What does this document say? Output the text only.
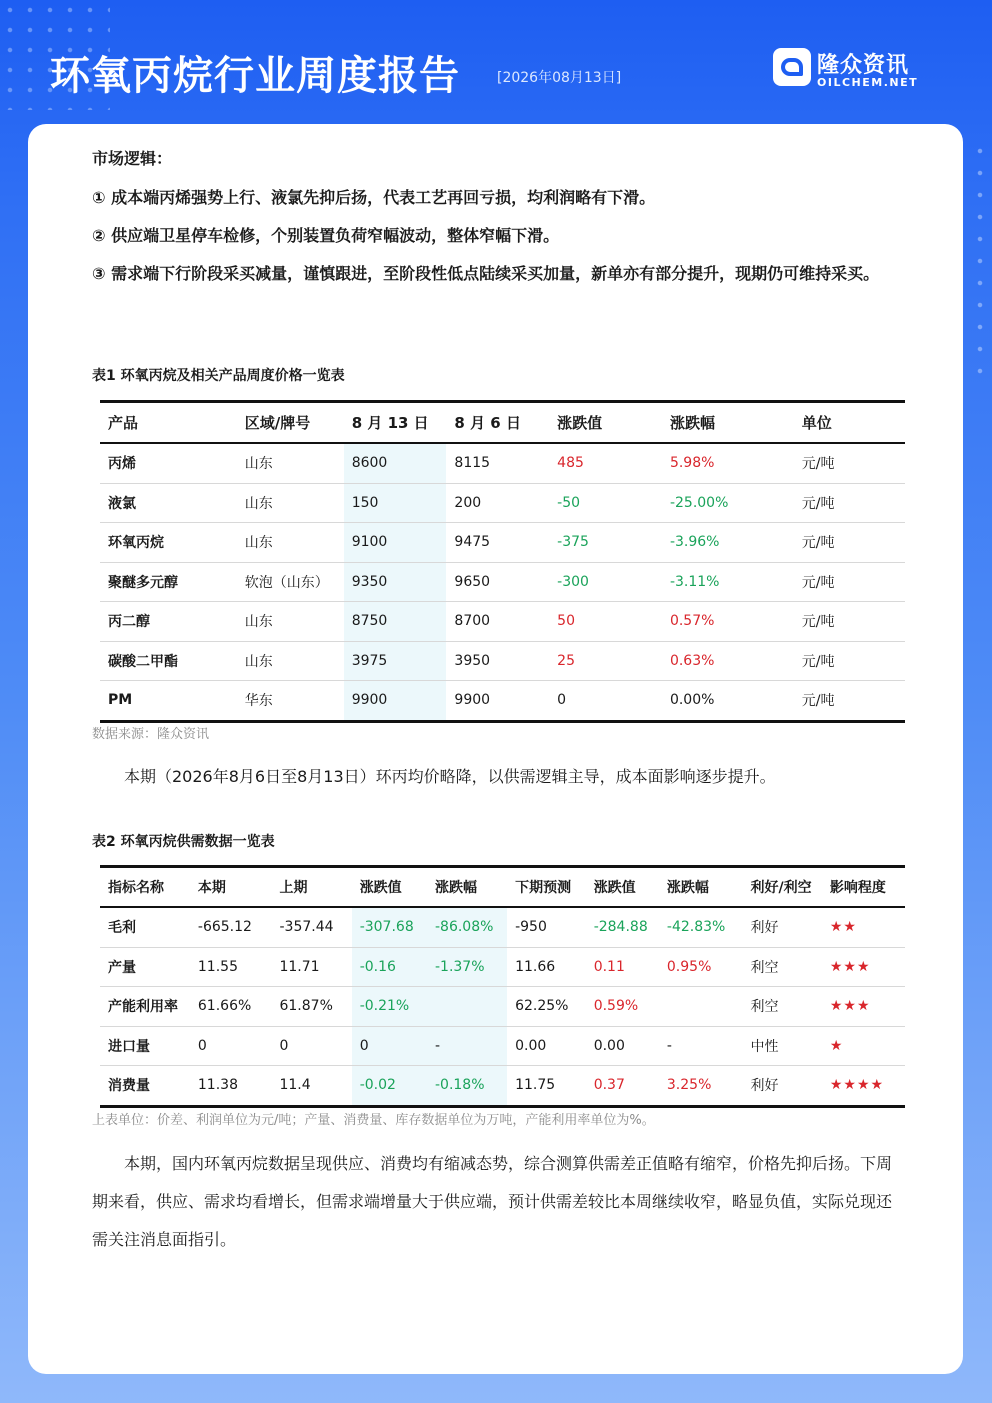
环氧丙烷行业周度报告	[2026年08月13日]	隆众资讯
OILCHEM.NET
市场逻辑：
① 成本端丙烯强势上行、液氯先抑后扬，代表工艺再回亏损，均利润略有下滑。
② 供应端卫星停车检修，个别装置负荷窄幅波动，整体窄幅下滑。
③ 需求端下行阶段采买减量，谨慎跟进，至阶段性低点陆续采买加量，新单亦有部分提升，现期仍可维持采买。
表1 环氧丙烷及相关产品周度价格一览表
产品	区域/牌号	8 月 13 日	8 月 6 日	涨跌值	涨跌幅	单位
丙烯	山东	8600	8115	485	5.98%	元/吨
液氯	山东	150	200	-50	-25.00%	元/吨
环氧丙烷	山东	9100	9475	-375	-3.96%	元/吨
聚醚多元醇	软泡（山东）	9350	9650	-300	-3.11%	元/吨
丙二醇	山东	8750	8700	50	0.57%	元/吨
碳酸二甲酯	山东	3975	3950	25	0.63%	元/吨
PM	华东	9900	9900	0	0.00%	元/吨
数据来源：隆众资讯
本期（2026年8月6日至8月13日）环丙均价略降，以供需逻辑主导，成本面影响逐步提升。
表2 环氧丙烷供需数据一览表
指标名称	本期	上期	涨跌值	涨跌幅	下期预测	涨跌值	涨跌幅	利好/利空	影响程度
毛利	-665.12	-357.44	-307.68	-86.08%	-950	-284.88	-42.83%	利好	★★
产量	11.55	11.71	-0.16	-1.37%	11.66	0.11	0.95%	利空	★★★
产能利用率	61.66%	61.87%	-0.21%		62.25%	0.59%		利空	★★★
进口量	0	0	0	-	0.00	0.00	-	中性	★
消费量	11.38	11.4	-0.02	-0.18%	11.75	0.37	3.25%	利好	★★★★
上表单位：价差、利润单位为元/吨；产量、消费量、库存数据单位为万吨，产能利用率单位为%。
本期，国内环氧丙烷数据呈现供应、消费均有缩减态势，综合测算供需差正值略有缩窄，价格先抑后扬。下周期来看，供应、需求均看增长，但需求端增量大于供应端，预计供需差较比本周继续收窄，略显负值，实际兑现还需关注消息面指引。
